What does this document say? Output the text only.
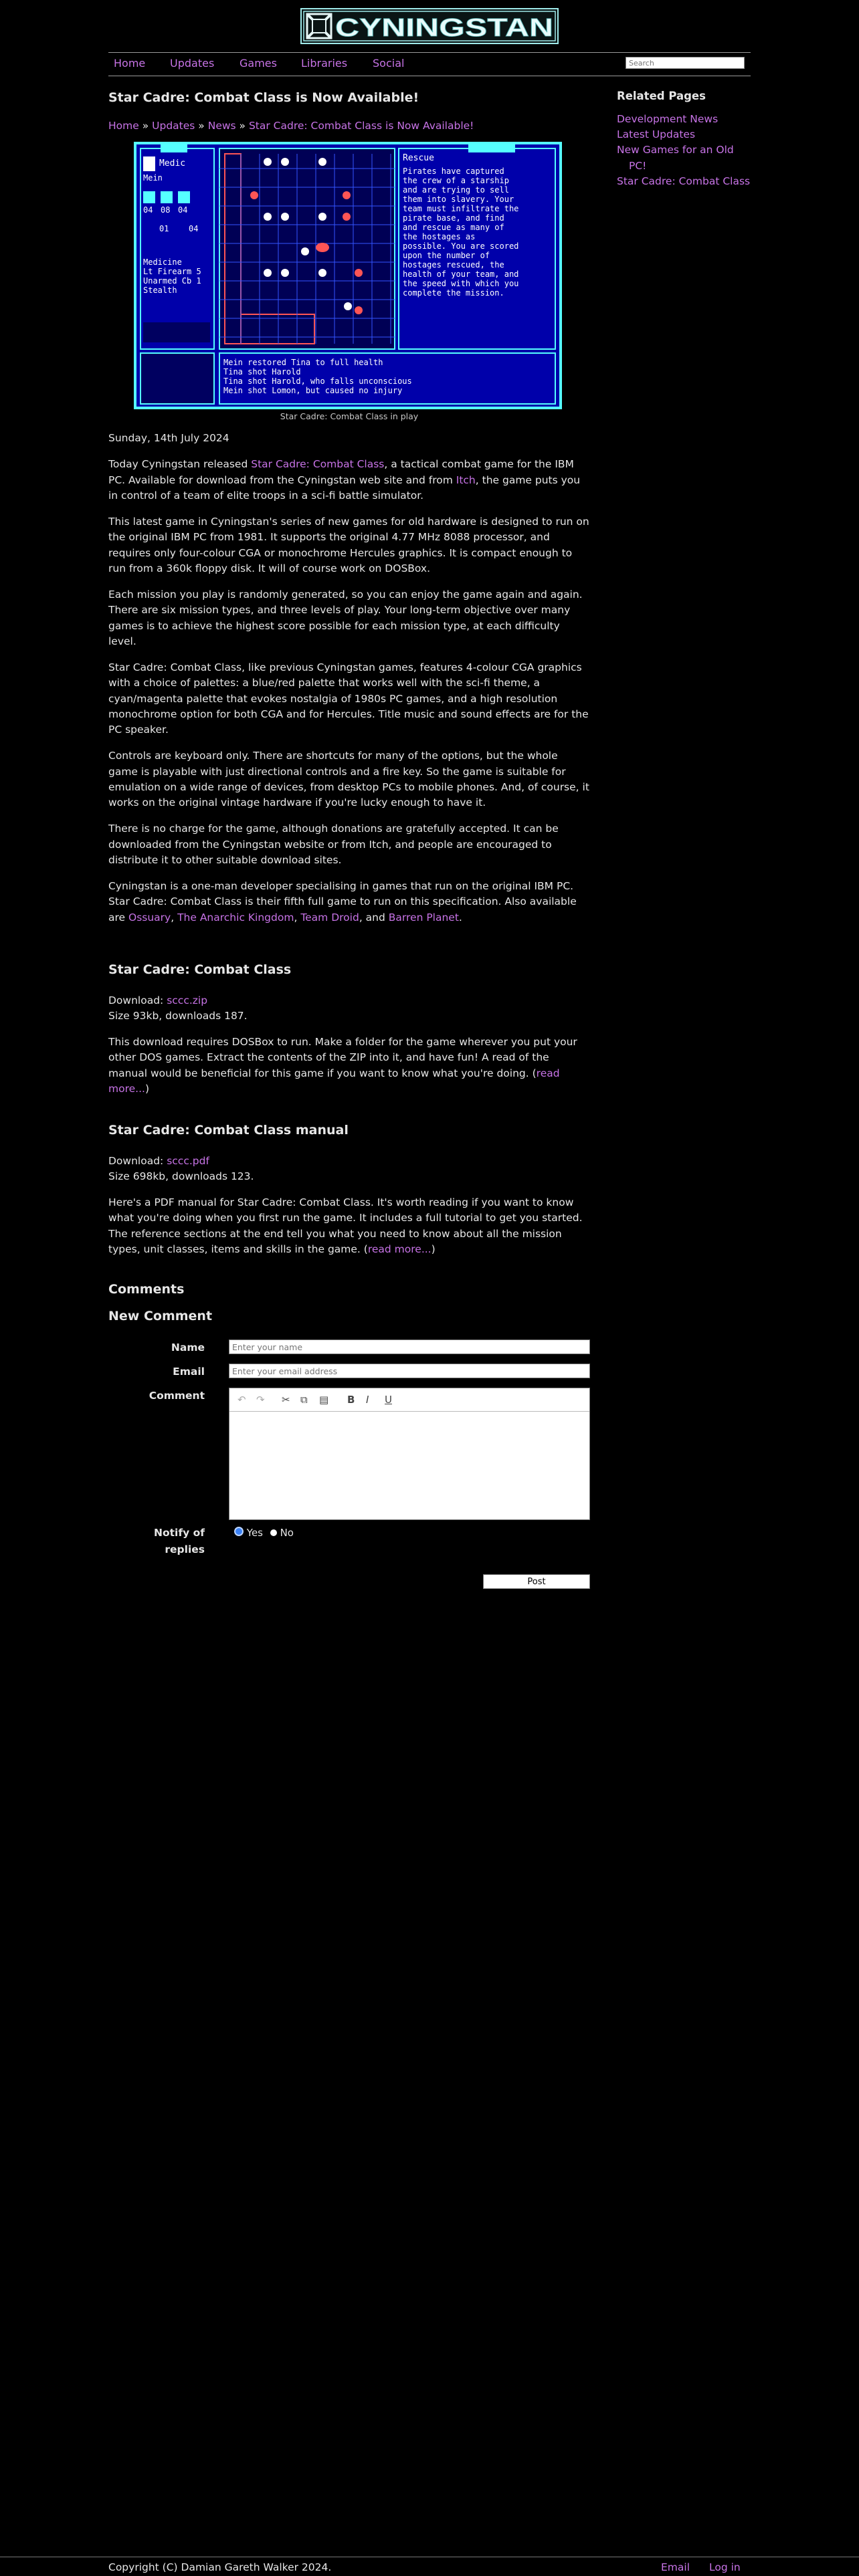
CYNINGSTAN
Home Updates Games Libraries Social
Search
Star Cadre: Combat Class is Now Available!
Home » Updates » News » Star Cadre: Combat Class is Now Available!
Medic
Mein
04 08 04
01 04
Medicine
Lt Firearm 5
Unarmed Cb 1
Stealth
Rescue
Pirates have captured
the crew of a starship
and are trying to sell
them into slavery. Your
team must infiltrate the
pirate base, and find
and rescue as many of
the hostages as
possible. You are scored
upon the number of
hostages rescued, the
health of your team, and
the speed with which you
complete the mission.
Mein restored Tina to full health
Tina shot Harold
Tina shot Harold, who falls unconscious
Mein shot Lomon, but caused no injury
Star Cadre: Combat Class in play

Sunday, 14th July 2024

Today Cyningstan released Star Cadre: Combat Class, a tactical combat game for the IBM PC. Available for download from the Cyningstan web site and from Itch, the game puts you in control of a team of elite troops in a sci-fi battle simulator.

This latest game in Cyningstan's series of new games for old hardware is designed to run on the original IBM PC from 1981. It supports the original 4.77 MHz 8088 processor, and requires only four-colour CGA or monochrome Hercules graphics. It is compact enough to run from a 360k floppy disk. It will of course work on DOSBox.

Each mission you play is randomly generated, so you can enjoy the game again and again. There are six mission types, and three levels of play. Your long-term objective over many games is to achieve the highest score possible for each mission type, at each difficulty level.

Star Cadre: Combat Class, like previous Cyningstan games, features 4-colour CGA graphics with a choice of palettes: a blue/red palette that works well with the sci-fi theme, a cyan/magenta palette that evokes nostalgia of 1980s PC games, and a high resolution monochrome option for both CGA and for Hercules. Title music and sound effects are for the PC speaker.

Controls are keyboard only. There are shortcuts for many of the options, but the whole game is playable with just directional controls and a fire key. So the game is suitable for emulation on a wide range of devices, from desktop PCs to mobile phones. And, of course, it works on the original vintage hardware if you're lucky enough to have it.

There is no charge for the game, although donations are gratefully accepted. It can be downloaded from the Cyningstan website or from Itch, and people are encouraged to distribute it to other suitable download sites.

Cyningstan is a one-man developer specialising in games that run on the original IBM PC. Star Cadre: Combat Class is their fifth full game to run on this specification. Also available are Ossuary, The Anarchic Kingdom, Team Droid, and Barren Planet.

Star Cadre: Combat Class

Download: sccc.zip

Size 93kb, downloads 187.

This download requires DOSBox to run. Make a folder for the game wherever you put your other DOS games. Extract the contents of the ZIP into it, and have fun! A read of the manual would be beneficial for this game if you want to know what you're doing. (read more...)

Star Cadre: Combat Class manual

Download: sccc.pdf

Size 698kb, downloads 123.

Here's a PDF manual for Star Cadre: Combat Class. It's worth reading if you want to know what you're doing when you first run the game. It includes a full tutorial to get you started. The reference sections at the end tell you what you need to know about all the mission types, unit classes, items and skills in the game. (read more...)

Comments
New Comment
Name
Enter your name
Email
Enter your email address
Comment	↶ ↷ ✂ ⧉ ▤ B I U
Notify of
replies
Yes No
Post
Related Pages
Development News
Latest Updates
New Games for an Old PC!
Star Cadre: Combat Class
Copyright (C) Damian Gareth Walker 2024.	Email Log in
